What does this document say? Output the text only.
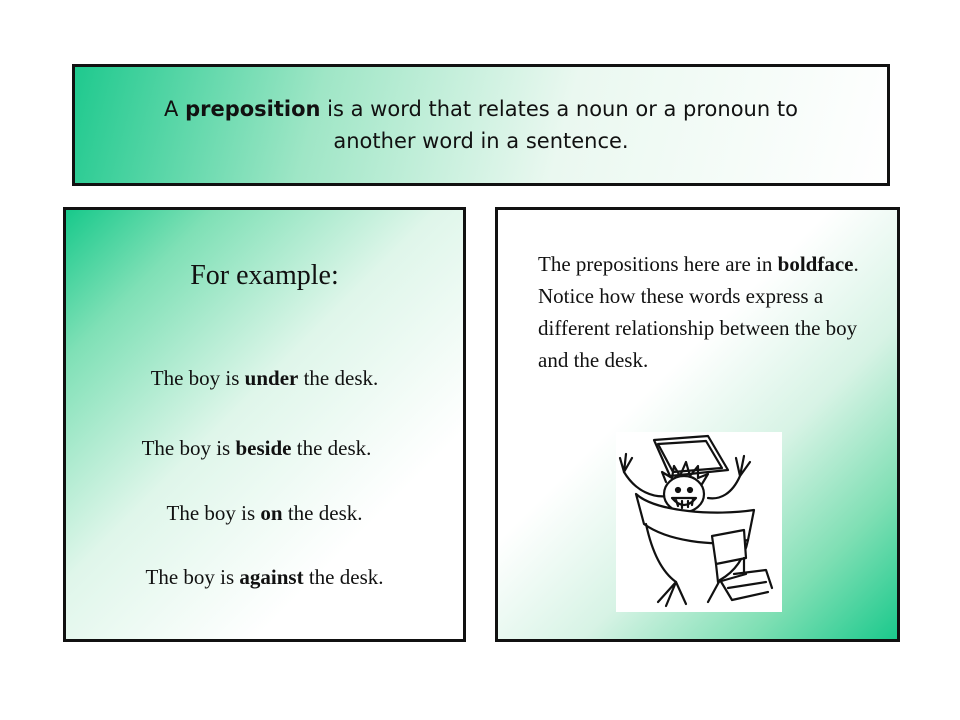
A preposition is a word that relates a noun or a pronoun to
another word in a sentence.
For example:
The boy is under the desk.
The boy is beside the desk.
The boy is on the desk.
The boy is against the desk.
The prepositions here are in boldface. Notice how these words express a different relationship between the boy and the desk.
